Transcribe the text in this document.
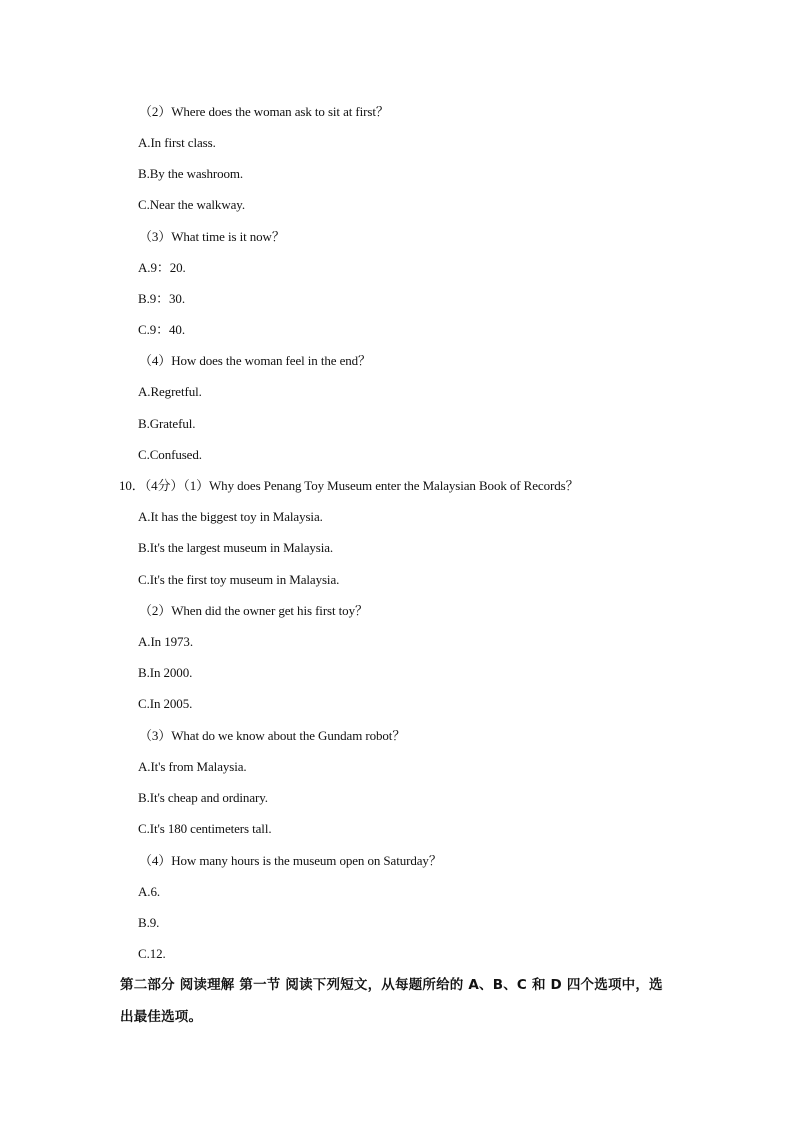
（2）Where does the woman ask to sit at first？
A.In first class.
B.By the washroom.
C.Near the walkway.
（3）What time is it now？
A.9：20.
B.9：30.
C.9：40.
（4）How does the woman feel in the end？
A.Regretful.
B.Grateful.
C.Confused.
10．（4分）（1）Why does Penang Toy Museum enter the Malaysian Book of Records？
A.It has the biggest toy in Malaysia.
B.It's the largest museum in Malaysia.
C.It's the first toy museum in Malaysia.
（2）When did the owner get his first toy？
A.In 1973.
B.In 2000.
C.In 2005.
（3）What do we know about the Gundam robot？
A.It's from Malaysia.
B.It's cheap and ordinary.
C.It's 180 centimeters tall.
（4）How many hours is the museum open on Saturday？
A.6.
B.9.
C.12.
第二部分 阅读理解 第一节 阅读下列短文，从每题所给的 A、B、C 和 D 四个选项中，选
出最佳选项。
